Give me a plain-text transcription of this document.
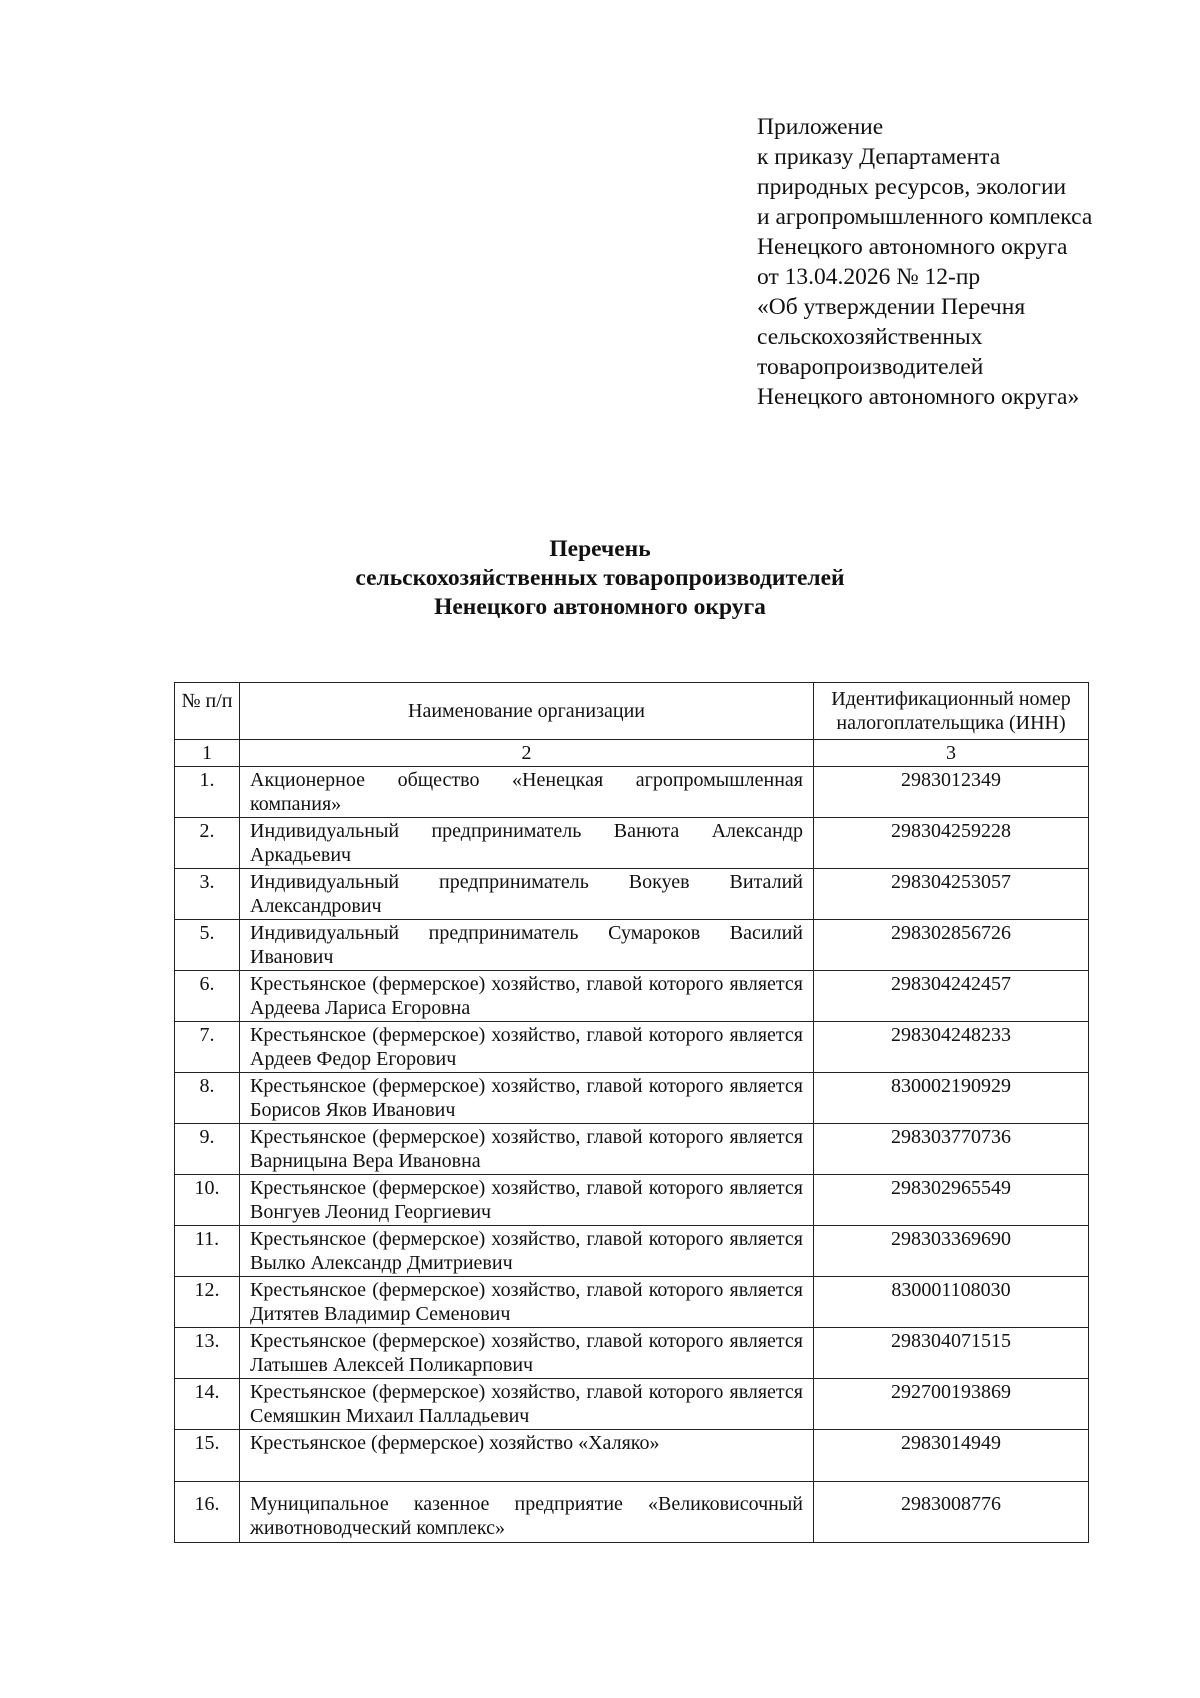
Приложение
к приказу Департамента
природных ресурсов, экологии
и агропромышленного комплекса
Ненецкого автономного округа
от 13.04.2026 № 12-пр
«Об утверждении Перечня
сельскохозяйственных
товаропроизводителей
Ненецкого автономного округа»
Перечень
сельскохозяйственных товаропроизводителей
Ненецкого автономного округа
№ п/п	Наименование организации	Идентификационный номер налогоплательщика (ИНН)
1	2	3
1.	Акционерное общество «Ненецкая агропромышленная компания»	2983012349
2.	Индивидуальный предприниматель Ванюта Александр Аркадьевич	298304259228
3.	Индивидуальный предприниматель Вокуев Виталий Александрович	298304253057
5.	Индивидуальный предприниматель Сумароков Василий Иванович	298302856726
6.	Крестьянское (фермерское) хозяйство, главой которого является Ардеева Лариса Егоровна	298304242457
7.	Крестьянское (фермерское) хозяйство, главой которого является Ардеев Федор Егорович	298304248233
8.	Крестьянское (фермерское) хозяйство, главой которого является Борисов Яков Иванович	830002190929
9.	Крестьянское (фермерское) хозяйство, главой которого является Варницына Вера Ивановна	298303770736
10.	Крестьянское (фермерское) хозяйство, главой которого является Вонгуев Леонид Георгиевич	298302965549
11.	Крестьянское (фермерское) хозяйство, главой которого является Вылко Александр Дмитриевич	298303369690
12.	Крестьянское (фермерское) хозяйство, главой которого является Дитятев Владимир Семенович	830001108030
13.	Крестьянское (фермерское) хозяйство, главой которого является Латышев Алексей Поликарпович	298304071515
14.	Крестьянское (фермерское) хозяйство, главой которого является Семяшкин Михаил Палладьевич	292700193869
15.	Крестьянское (фермерское) хозяйство «Халяко»	2983014949
16.	Муниципальное казенное предприятие «Великовисочный животноводческий комплекс»	2983008776
